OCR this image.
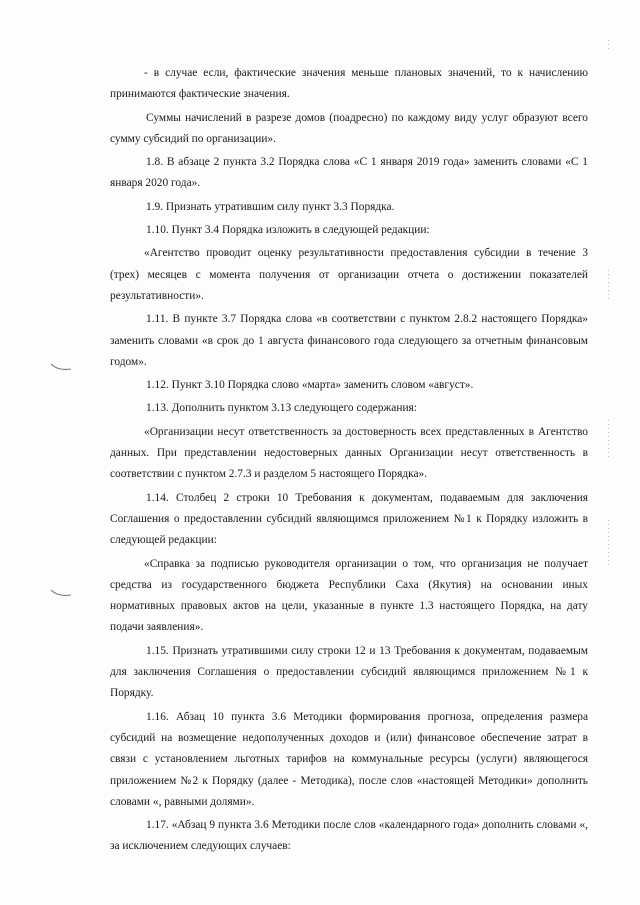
- в случае если, фактические значения меньше плановых значений, то к начислению принимаются фактические значения.

Суммы начислений в разрезе домов (поадресно) по каждому виду услуг образуют всего сумму субсидий по организации».

1.8. В абзаце 2 пункта 3.2 Порядка слова «С 1 января 2019 года» заменить словами «С 1 января 2020 года».

1.9. Признать утратившим силу пункт 3.3 Порядка.

1.10. Пункт 3.4 Порядка изложить в следующей редакции:

«Агентство проводит оценку результативности предоставления субсидии в течение 3 (трех) месяцев с момента получения от организации отчета о достижении показателей результативности».

1.11. В пункте 3.7 Порядка слова «в соответствии с пунктом 2.8.2 настоящего Порядка» заменить словами «в срок до 1 августа финансового года следующего за отчетным финансовым годом».

1.12. Пункт 3.10 Порядка слово «марта» заменить словом «август».

1.13. Дополнить пунктом 3.13 следующего содержания:

«Организации несут ответственность за достоверность всех представленных в Агентство данных. При представлении недостоверных данных Организации несут ответственность в соответствии с пунктом 2.7.3 и разделом 5 настоящего Порядка».

1.14. Столбец 2 строки 10 Требования к документам, подаваемым для заключения Соглашения о предоставлении субсидий являющимся приложением №1 к Порядку изложить в следующей редакции:

«Справка за подписью руководителя организации о том, что организация не получает средства из государственного бюджета Республики Саха (Якутия) на основании иных нормативных правовых актов на цели, указанные в пункте 1.3 настоящего Порядка, на дату подачи заявления».

1.15. Признать утратившими силу строки 12 и 13 Требования к документам, подаваемым для заключения Соглашения о предоставлении субсидий являющимся приложением №1 к Порядку.

1.16. Абзац 10 пункта 3.6 Методики формирования прогноза, определения размера субсидий на возмещение недополученных доходов и (или) финансовое обеспечение затрат в связи с установлением льготных тарифов на коммунальные ресурсы (услуги) являющегося приложением №2 к Порядку (далее - Методика), после слов «настоящей Методики» дополнить словами «, равными долями».

1.17. «Абзац 9 пункта 3.6 Методики после слов «календарного года» дополнить словами «, за исключением следующих случаев:
